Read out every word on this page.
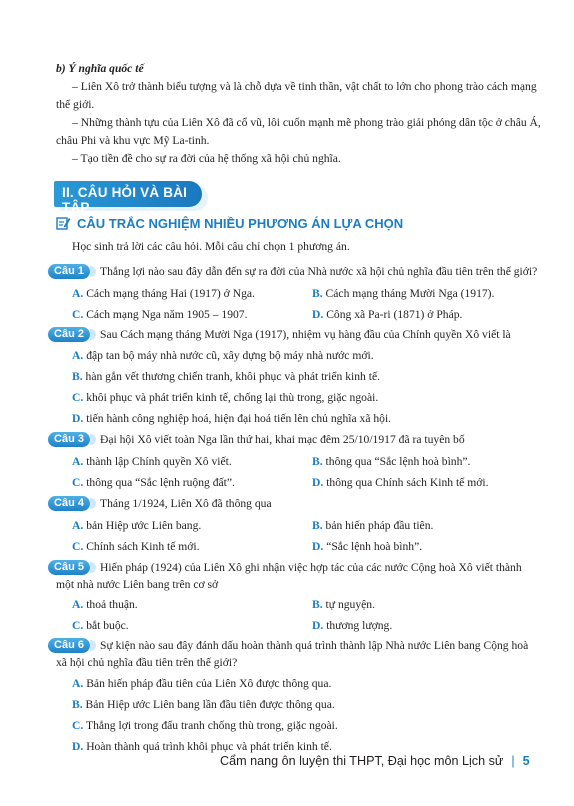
b) Ý nghĩa quốc tế
– Liên Xô trở thành biểu tượng và là chỗ dựa về tinh thần, vật chất to lớn cho phong trào cách mạng
thế giới.
– Những thành tựu của Liên Xô đã cổ vũ, lôi cuốn mạnh mẽ phong trào giải phóng dân tộc ở châu Á,
châu Phi và khu vực Mỹ La-tinh.
– Tạo tiền đề cho sự ra đời của hệ thống xã hội chủ nghĩa.
II. CÂU HỎI VÀ BÀI TẬP
CÂU TRẮC NGHIỆM NHIỀU PHƯƠNG ÁN LỰA CHỌN
Học sinh trả lời các câu hỏi. Mỗi câu chỉ chọn 1 phương án.
Câu 1	Thắng lợi nào sau đây dẫn đến sự ra đời của Nhà nước xã hội chủ nghĩa đầu tiên trên thế giới?
A. Cách mạng tháng Hai (1917) ở Nga.	B. Cách mạng tháng Mười Nga (1917).
C. Cách mạng Nga năm 1905 – 1907.	D. Công xã Pa-ri (1871) ở Pháp.
Câu 2	Sau Cách mạng tháng Mười Nga (1917), nhiệm vụ hàng đầu của Chính quyền Xô viết là
A. đập tan bộ máy nhà nước cũ, xây dựng bộ máy nhà nước mới.
B. hàn gắn vết thương chiến tranh, khôi phục và phát triển kinh tế.
C. khôi phục và phát triển kinh tế, chống lại thù trong, giặc ngoài.
D. tiến hành công nghiệp hoá, hiện đại hoá tiến lên chủ nghĩa xã hội.
Câu 3	Đại hội Xô viết toàn Nga lần thứ hai, khai mạc đêm 25/10/1917 đã ra tuyên bố
A. thành lập Chính quyền Xô viết.	B. thông qua “Sắc lệnh hoà bình”.
C. thông qua “Sắc lệnh ruộng đất”.	D. thông qua Chính sách Kinh tế mới.
Câu 4	Tháng 1/1924, Liên Xô đã thông qua
A. bản Hiệp ước Liên bang.	B. bản hiến pháp đầu tiên.
C. Chính sách Kinh tế mới.	D. “Sắc lệnh hoà bình”.
Câu 5	Hiến pháp (1924) của Liên Xô ghi nhận việc hợp tác của các nước Cộng hoà Xô viết thành
một nhà nước Liên bang trên cơ sở
A. thoả thuận.	B. tự nguyện.
C. bắt buộc.	D. thương lượng.
Câu 6	Sự kiện nào sau đây đánh dấu hoàn thành quá trình thành lập Nhà nước Liên bang Cộng hoà
xã hội chủ nghĩa đầu tiên trên thế giới?
A. Bản hiến pháp đầu tiên của Liên Xô được thông qua.
B. Bản Hiệp ước Liên bang lần đầu tiên được thông qua.
C. Thắng lợi trong đấu tranh chống thù trong, giặc ngoài.
D. Hoàn thành quá trình khôi phục và phát triển kinh tế.
Cẩm nang ôn luyện thi THPT, Đại học môn Lịch sử | 5
